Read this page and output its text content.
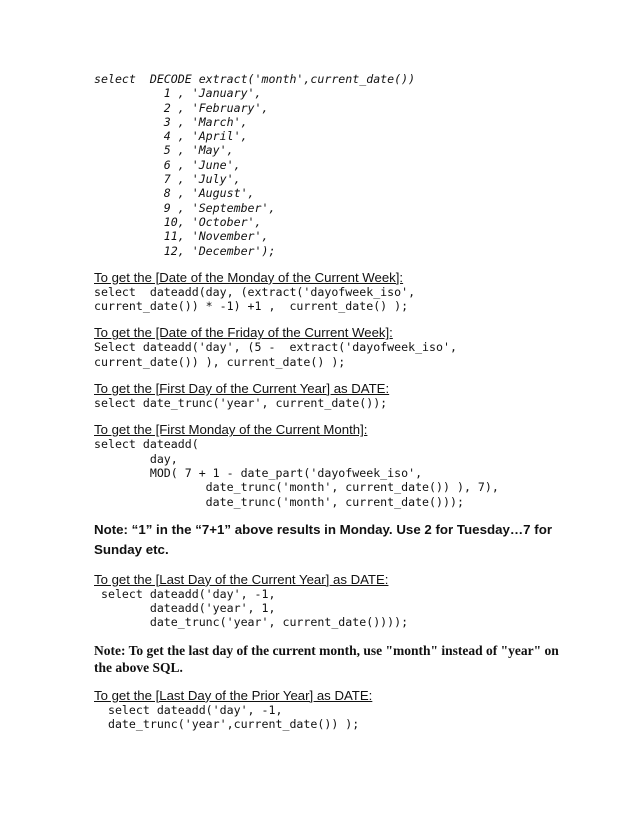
select  DECODE extract('month',current_date())
1 , 'January',
2 , 'February',
3 , 'March',
4 , 'April',
5 , 'May',
6 , 'June',
7 , 'July',
8 , 'August',
9 , 'September',
10, 'October',
11, 'November',
12, 'December');

To get the [Date of the Monday of the Current Week]:

select  dateadd(day, (extract('dayofweek_iso',
current_date()) * -1) +1 ,  current_date() );

To get the [Date of the Friday of the Current Week]:

Select dateadd('day', (5 -  extract('dayofweek_iso',
current_date()) ), current_date() );

To get the [First Day of the Current Year] as DATE:

select date_trunc('year', current_date());

To get the [First Monday of the Current Month]:

select dateadd(
day,
MOD( 7 + 1 - date_part('dayofweek_iso',
date_trunc('month', current_date()) ), 7),
date_trunc('month', current_date()));

Note: “1” in the “7+1” above results in Monday. Use 2 for Tuesday…7 for

Sunday etc.

To get the [Last Day of the Current Year] as DATE:

select dateadd('day', -1,
dateadd('year', 1,
date_trunc('year', current_date())));

Note: To get the last day of the current month, use "month" instead of "year" on

the above SQL.

To get the [Last Day of the Prior Year] as DATE:

select dateadd('day', -1,
date_trunc('year',current_date()) );
